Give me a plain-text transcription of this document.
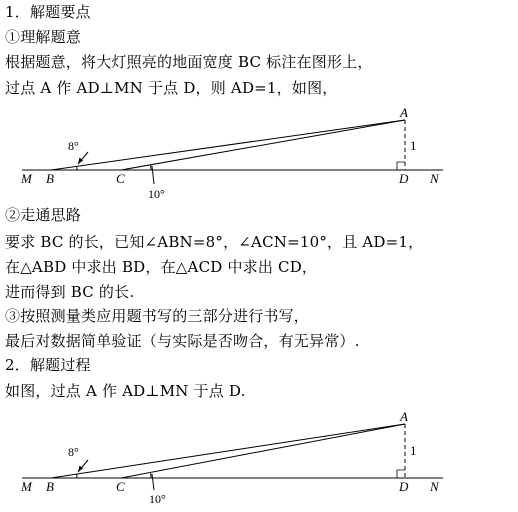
1．解题要点
①理解题意
根据题意，将大灯照亮的地面宽度 BC 标注在图形上，
过点 A 作 AD⊥MN 于点 D，则 AD=1，如图，
A
1
M B	C	D N
8°
10°
②走通思路
要求 BC 的长，已知∠ABN=8°，∠ACN=10°，且 AD=1，
在△ABD 中求出 BD，在△ACD 中求出 CD，
进而得到 BC 的长.
③按照测量类应用题书写的三部分进行书写，
最后对数据简单验证（与实际是否吻合，有无异常）.
2．解题过程
如图，过点 A 作 AD⊥MN 于点 D.
A
1
M B	C	D N
8°
10°
